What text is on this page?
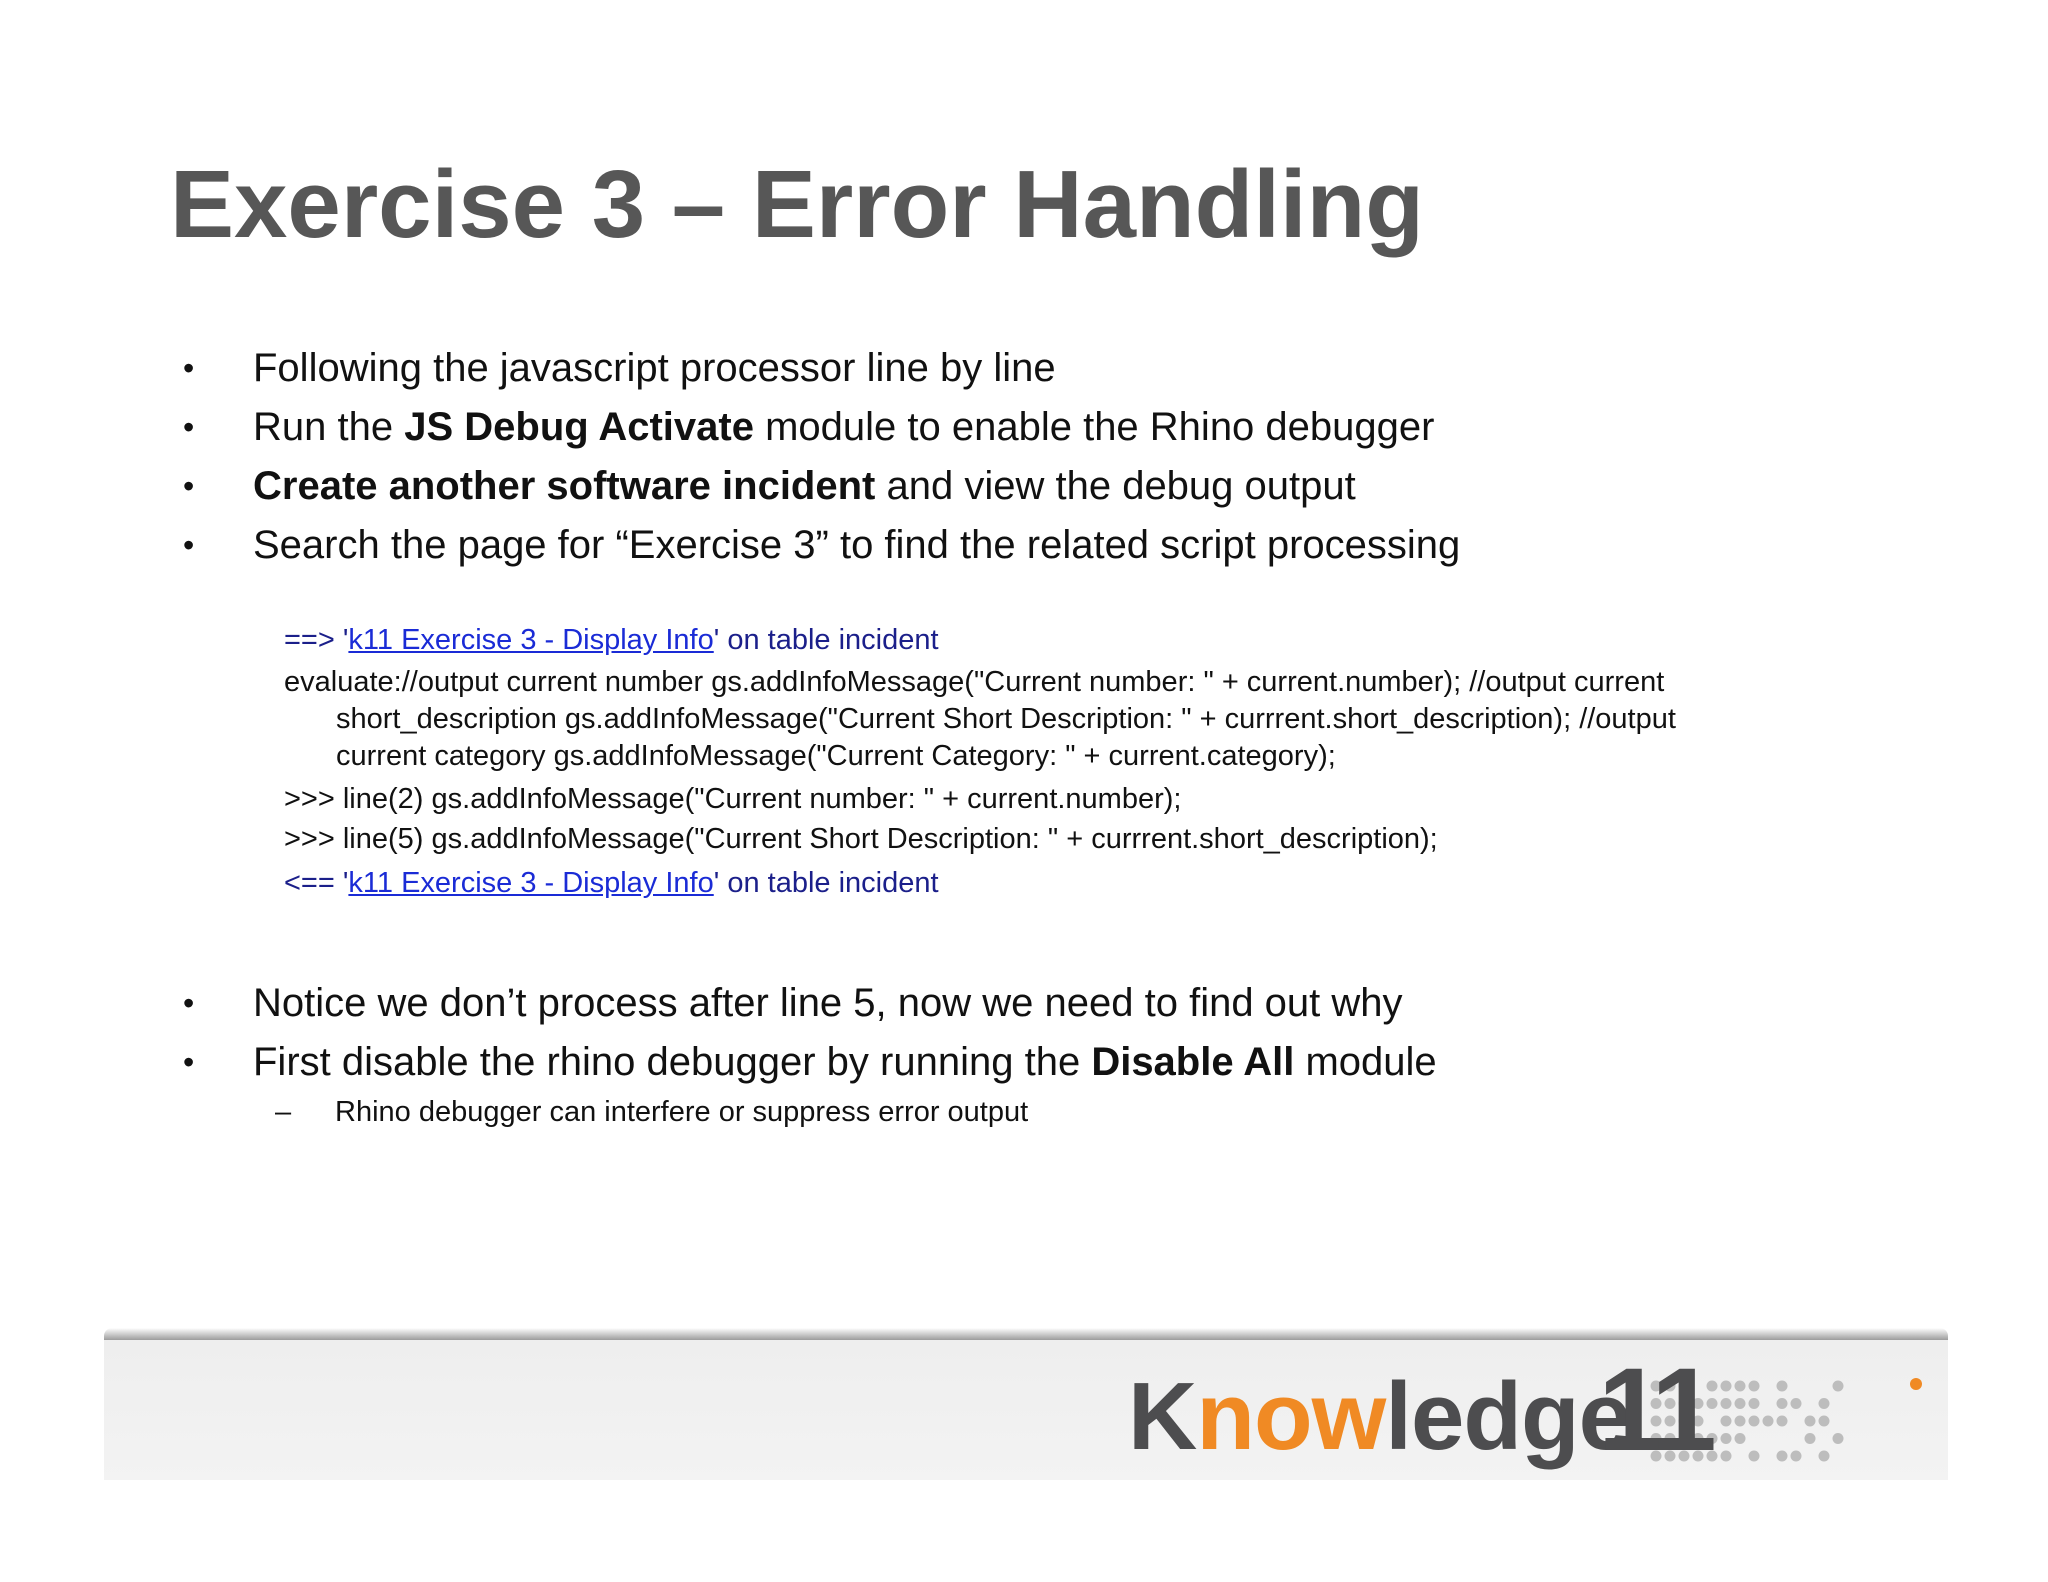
Exercise 3 – Error Handling
•	Following the javascript processor line by line
•	Run the JS Debug Activate module to enable the Rhino debugger
•	Create another software incident and view the debug output
•	Search the page for “Exercise 3” to find the related script processing
==> 'k11 Exercise 3 - Display Info' on table incident
evaluate://output current number gs.addInfoMessage("Current number: " + current.number); //output current
short_description gs.addInfoMessage("Current Short Description: " + currrent.short_description); //output
current category gs.addInfoMessage("Current Category: " + current.category);
>>> line(2) gs.addInfoMessage("Current number: " + current.number);
>>> line(5) gs.addInfoMessage("Current Short Description: " + currrent.short_description);
<== 'k11 Exercise 3 - Display Info' on table incident
•	Notice we don’t process after line 5, now we need to find out why
•	First disable the rhino debugger by running the Disable All module
– Rhino debugger can interfere or suppress error output
Knowledge
11
